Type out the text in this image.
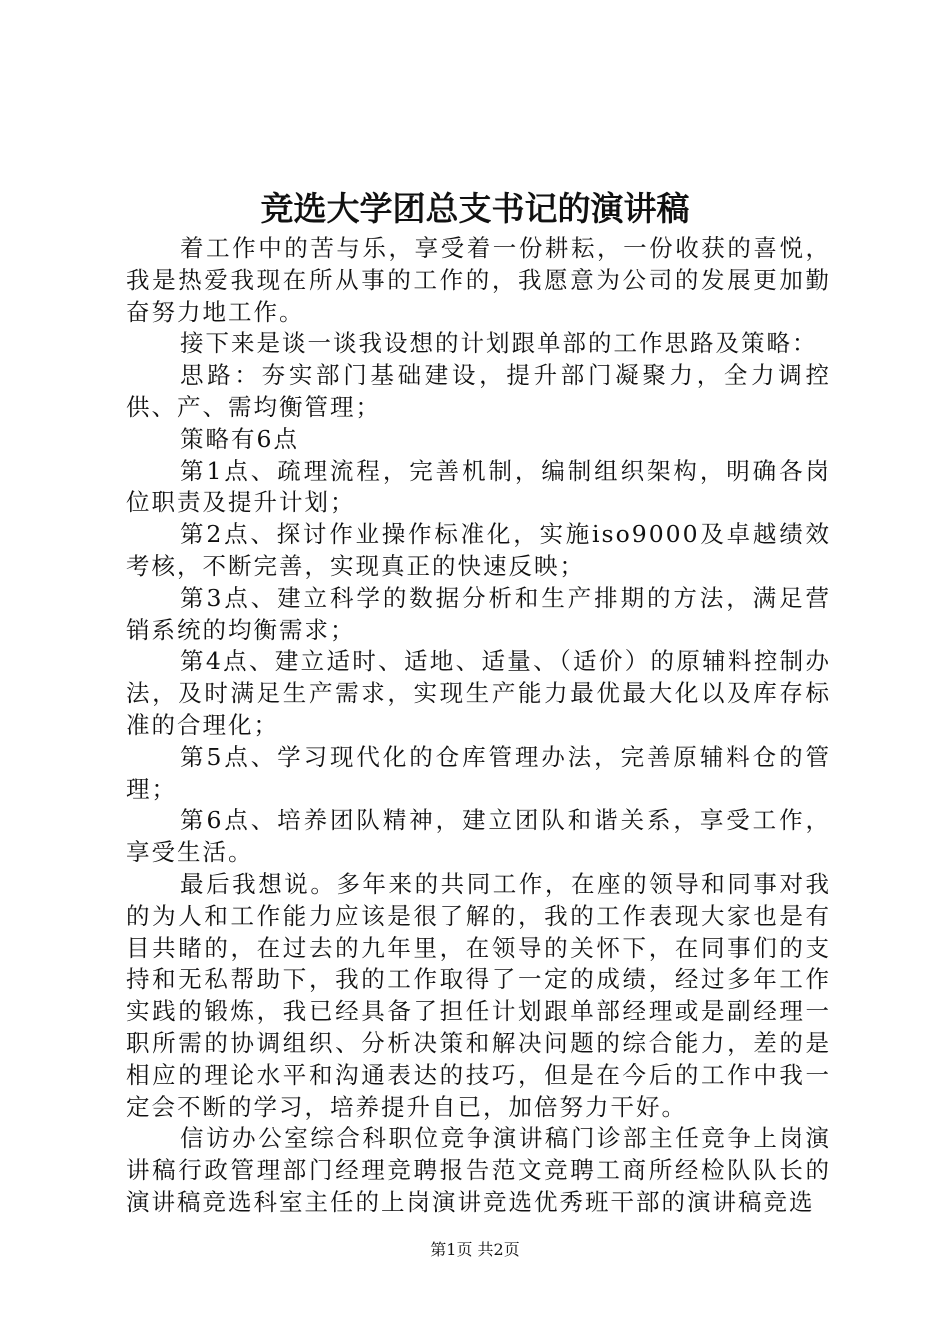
竞选大学团总支书记的演讲稿

着工作中的苦与乐，享受着一份耕耘，一份收获的喜悦，我是热爱我现在所从事的工作的，我愿意为公司的发展更加勤奋努力地工作。

接下来是谈一谈我设想的计划跟单部的工作思路及策略：

思路：夯实部门基础建设，提升部门凝聚力，全力调控供、产、需均衡管理；

策略有6点

第1点、疏理流程，完善机制，编制组织架构，明确各岗位职责及提升计划；

第2点、探讨作业操作标准化，实施iso9000及卓越绩效考核，不断完善，实现真正的快速反映；

第3点、建立科学的数据分析和生产排期的方法，满足营销系统的均衡需求；

第4点、建立适时、适地、适量、（适价）的原辅料控制办法，及时满足生产需求，实现生产能力最优最大化以及库存标准的合理化；

第5点、学习现代化的仓库管理办法，完善原辅料仓的管理；

第6点、培养团队精神，建立团队和谐关系，享受工作，享受生活。

最后我想说。多年来的共同工作，在座的领导和同事对我的为人和工作能力应该是很了解的，我的工作表现大家也是有目共睹的，在过去的九年里，在领导的关怀下，在同事们的支持和无私帮助下，我的工作取得了一定的成绩，经过多年工作实践的锻炼，我已经具备了担任计划跟单部经理或是副经理一职所需的协调组织、分析决策和解决问题的综合能力，差的是相应的理论水平和沟通表达的技巧，但是在今后的工作中我一定会不断的学习，培养提升自已，加倍努力干好。

信访办公室综合科职位竞争演讲稿门诊部主任竞争上岗演讲稿行政管理部门经理竞聘报告范文竞聘工商所经检队队长的演讲稿竞选科室主任的上岗演讲竞选优秀班干部的演讲稿竞选

第1页 共2页
